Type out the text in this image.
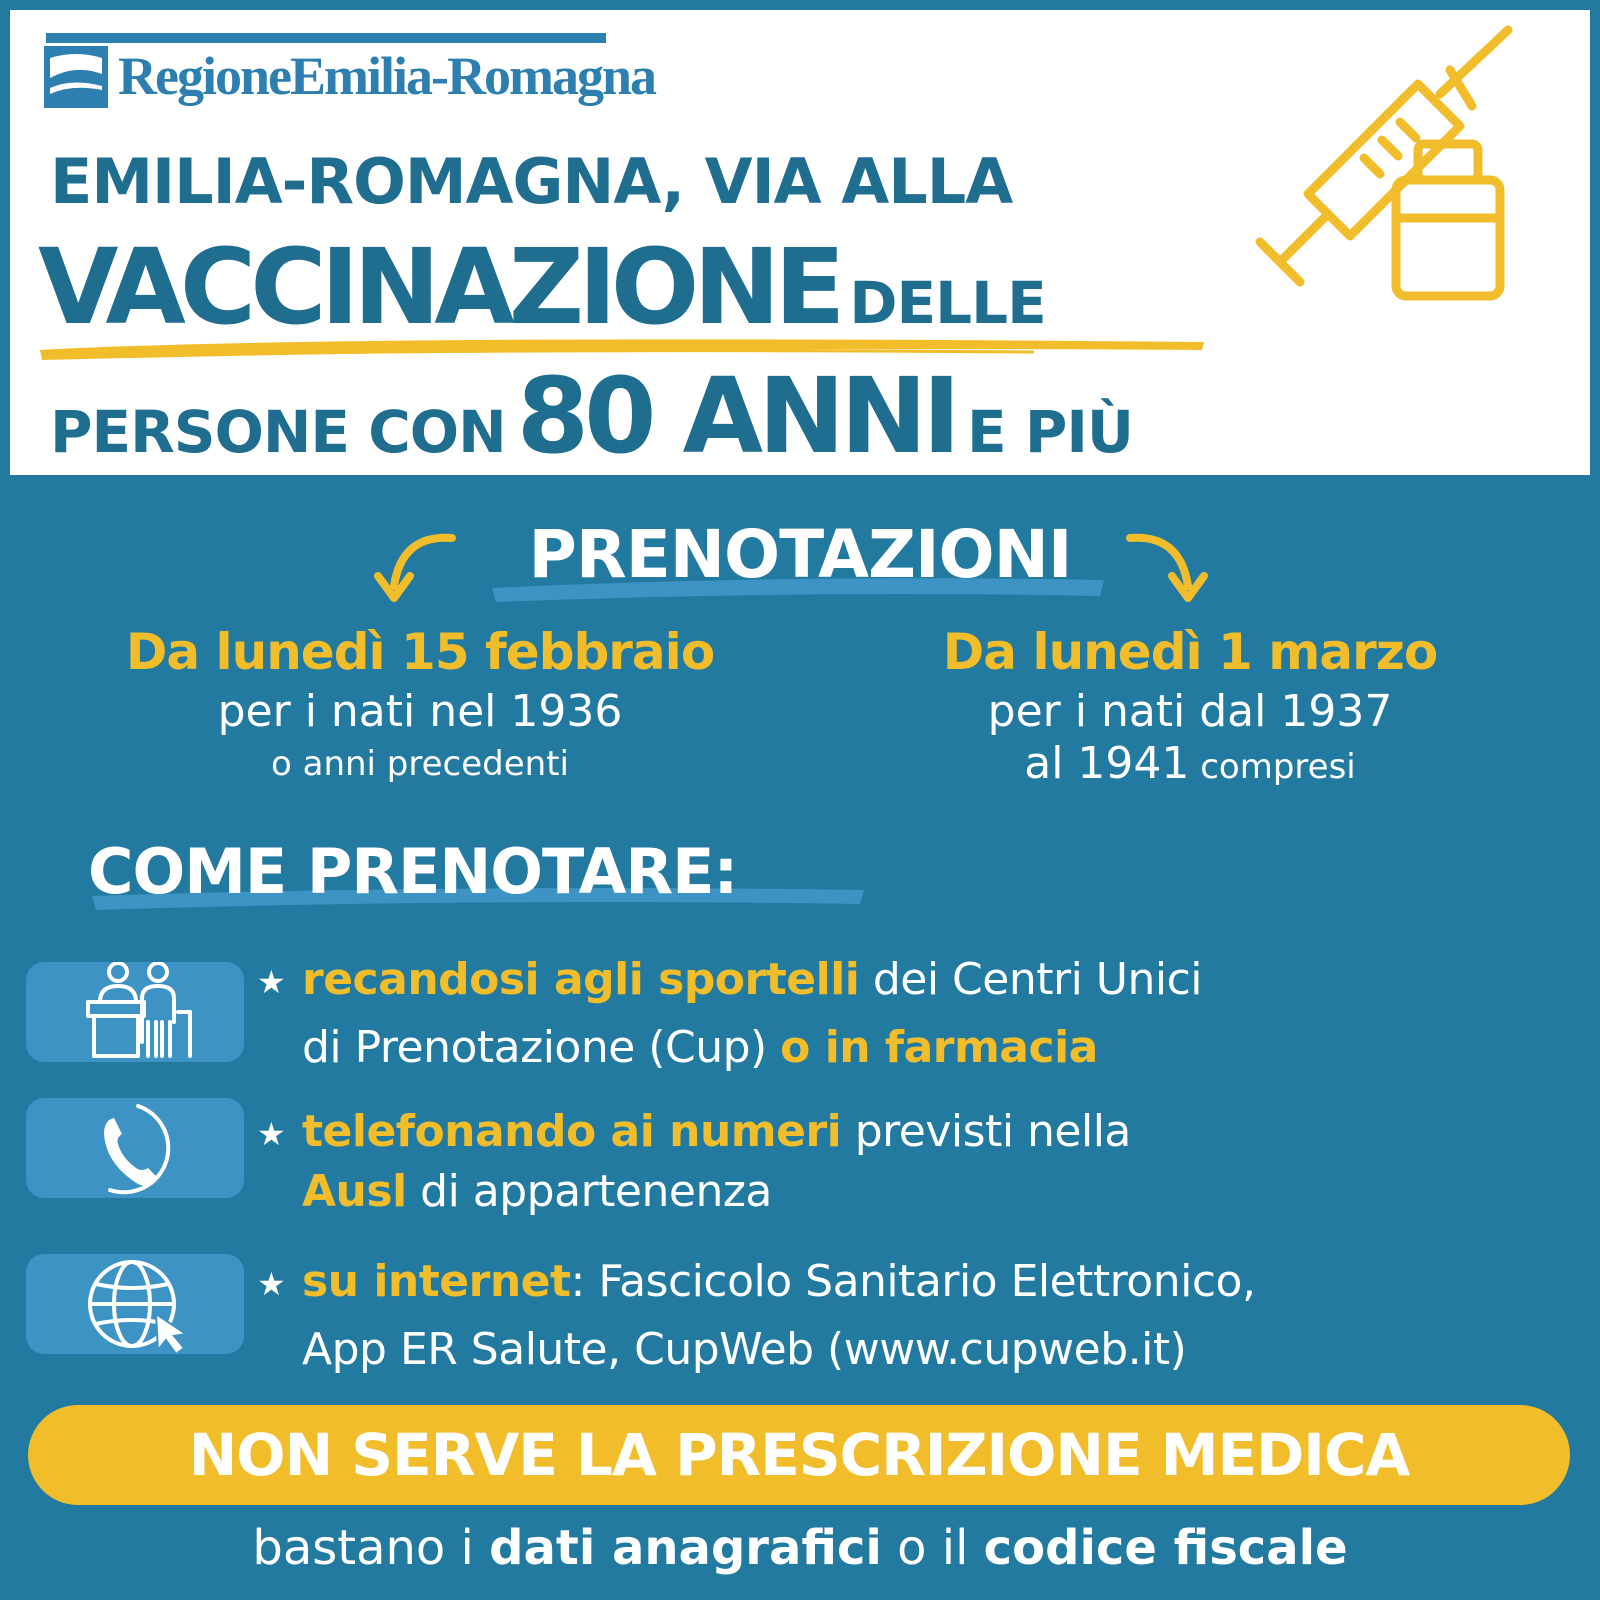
RegioneEmilia-Romagna
EMILIA-ROMAGNA, VIA ALLA
VACCINAZIONE DELLE
PERSONE CON 80 ANNI E PIÙ
PRENOTAZIONI
Da lunedì 15 febbraio
per i nati nel 1936
o anni precedenti
Da lunedì 1 marzo
per i nati dal 1937
al 1941 compresi
COME PRENOTARE:
★ recandosi agli sportelli dei Centri Unici
di Prenotazione (Cup) o in farmacia
★ telefonando ai numeri previsti nella
Ausl di appartenenza
★ su internet: Fascicolo Sanitario Elettronico,
App ER Salute, CupWeb (www.cupweb.it)
NON SERVE LA PRESCRIZIONE MEDICA
bastano i dati anagrafici o il codice fiscale
